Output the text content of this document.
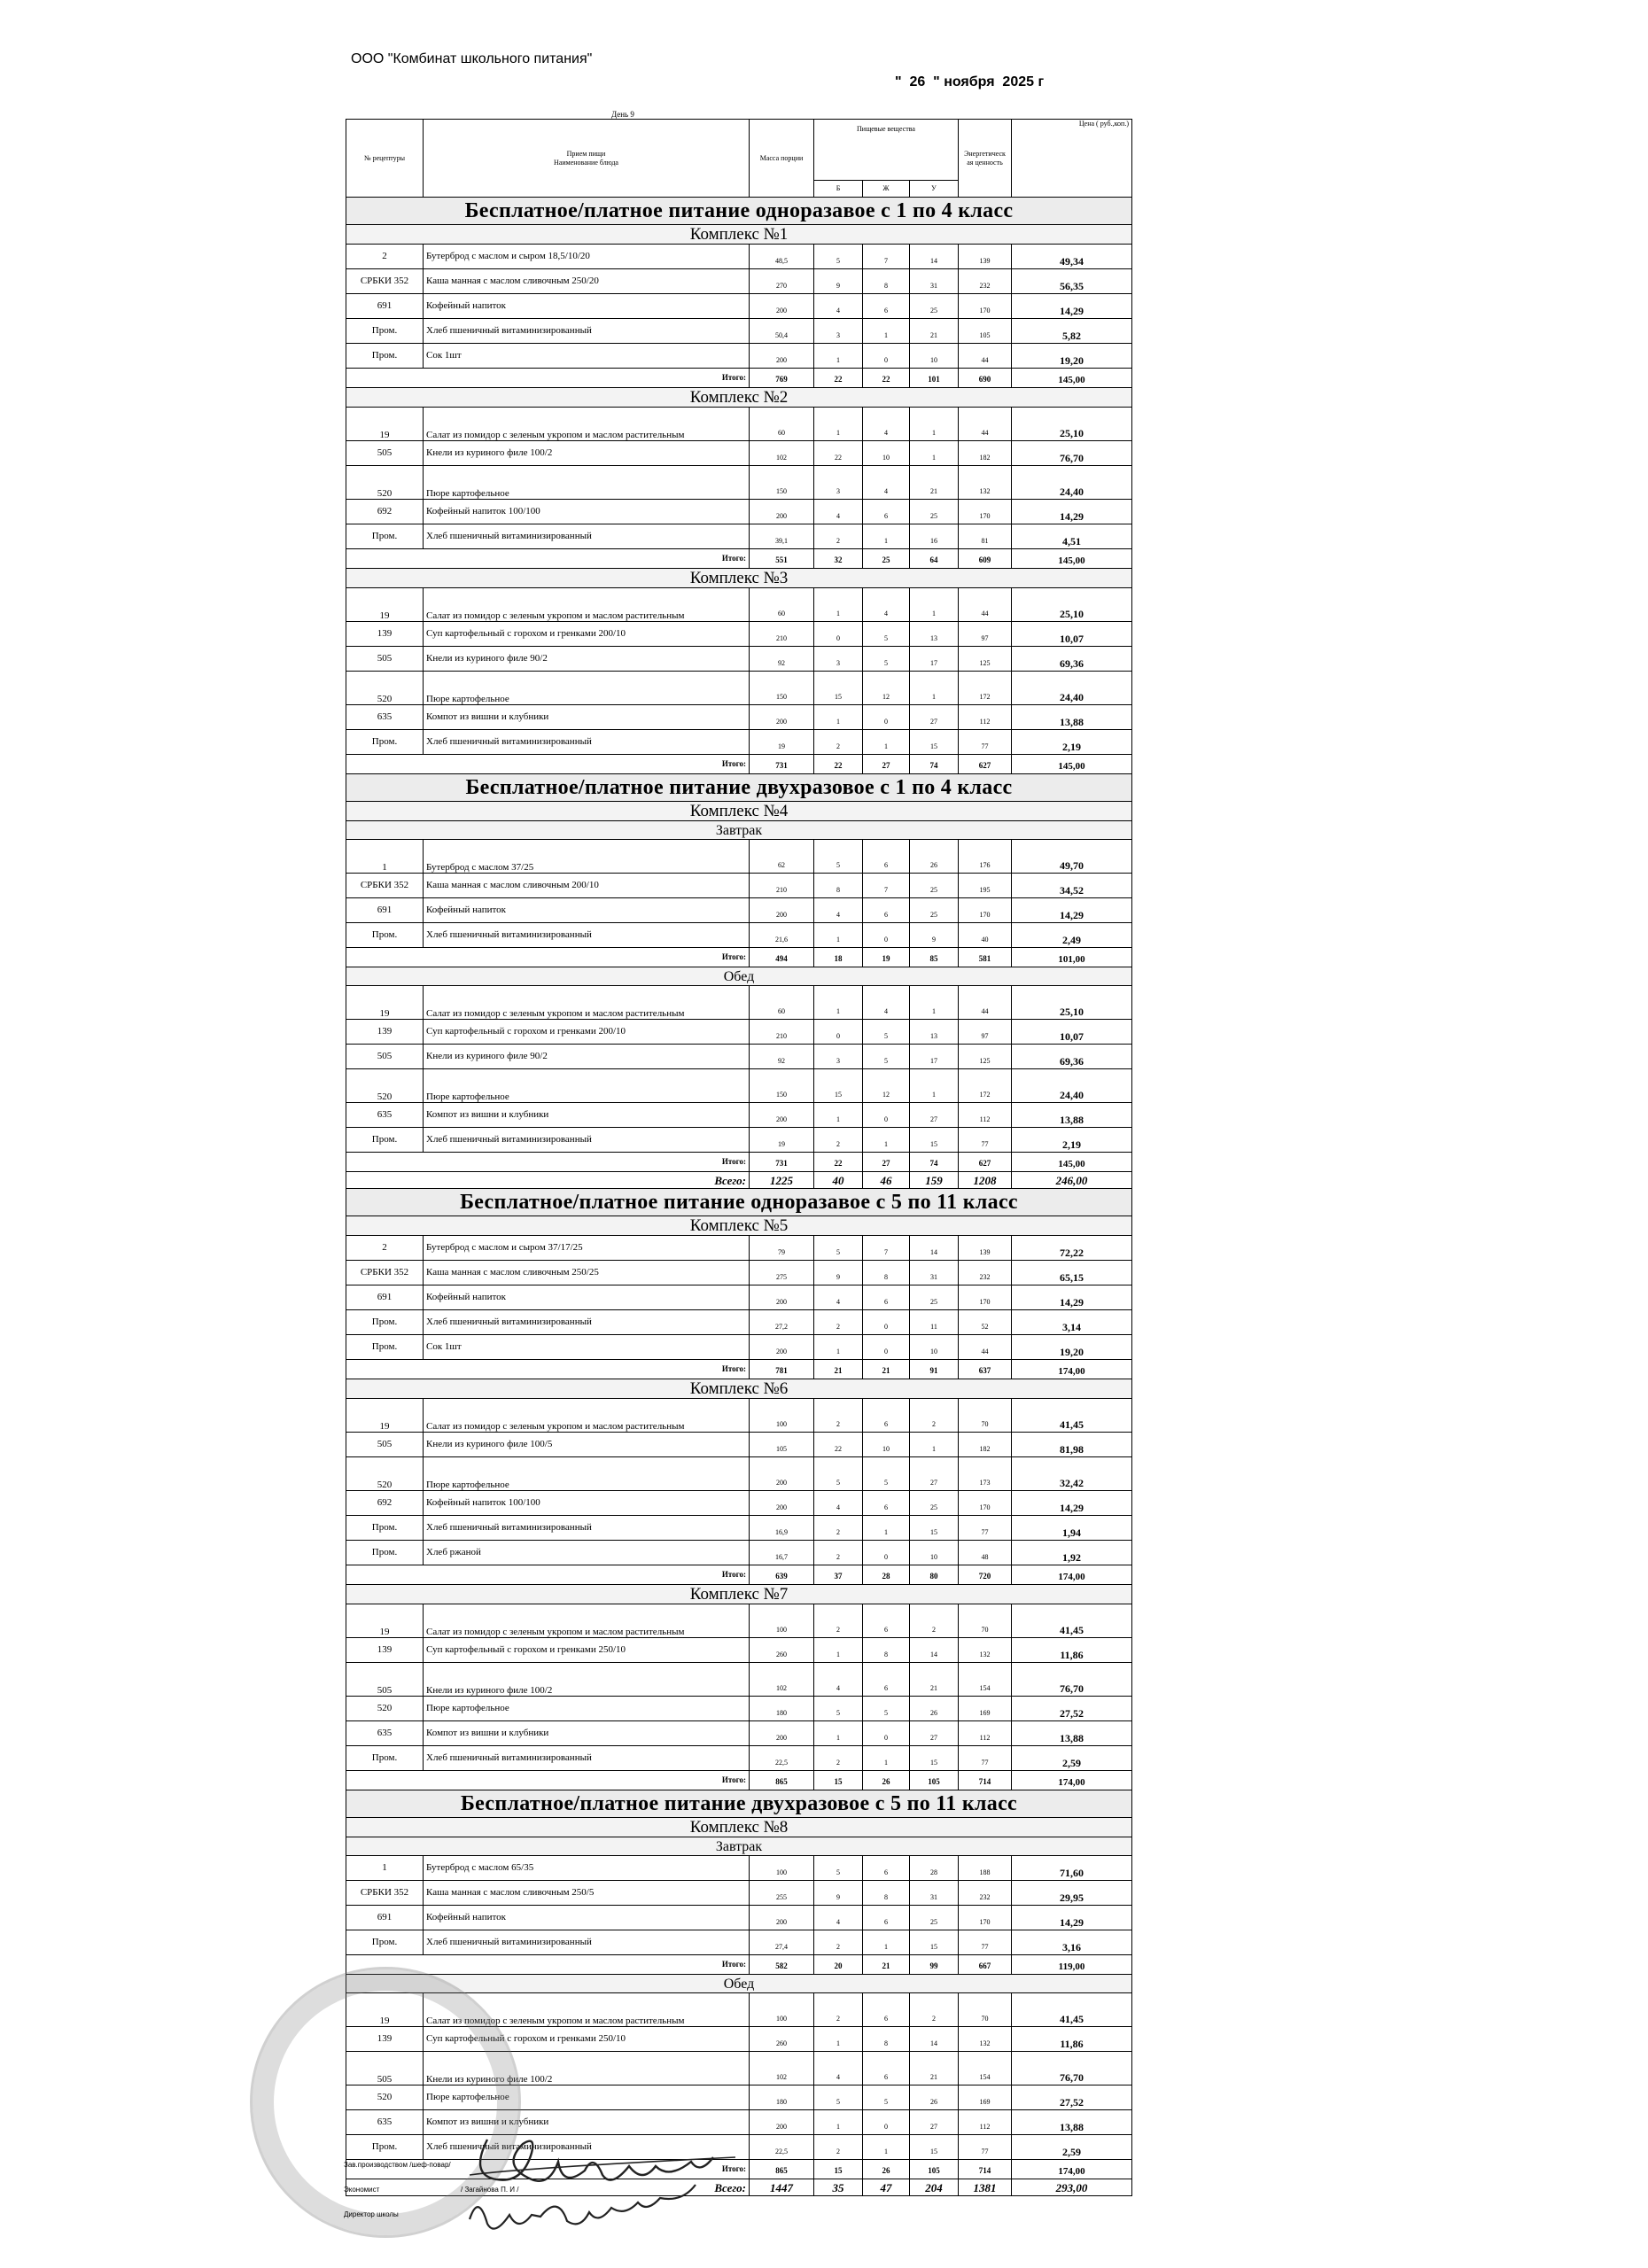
ООО "Комбинат школьного питания"
"  26  " ноября  2025 г
День 9
№ рецептуры	Прием пищи
Наименование блюда	Масса порции	Пищевые вещества			Энергетическ ая ценность	Цена ( руб.,коп.)
			Б	Ж	У		
Бесплатное/платное питание одноразавое с 1 по 4 класс							
Комплекс №1							
2	Бутерброд с маслом и сыром 18,5/10/20	48,5	5	7	14	139	49,34
СРБКИ 352	Каша манная с маслом сливочным 250/20	270	9	8	31	232	56,35
691	Кофейный напиток	200	4	6	25	170	14,29
Пром.	Хлеб пшеничный витаминизированный	50,4	3	1	21	105	5,82
Пром.	Сок 1шт	200	1	0	10	44	19,20
Итого:		769	22	22	101	690	145,00
Комплекс №2							
19	Салат из помидор с зеленым укропом и маслом растительным	60	1	4	1	44	25,10
505	Кнели из куриного филе 100/2	102	22	10	1	182	76,70
520	Пюре картофельное	150	3	4	21	132	24,40
692	Кофейный напиток 100/100	200	4	6	25	170	14,29
Пром.	Хлеб пшеничный витаминизированный	39,1	2	1	16	81	4,51
Итого:		551	32	25	64	609	145,00
Комплекс №3							
19	Салат из помидор с зеленым укропом и маслом растительным	60	1	4	1	44	25,10
139	Суп картофельный с горохом и гренками 200/10	210	0	5	13	97	10,07
505	Кнели из куриного филе 90/2	92	3	5	17	125	69,36
520	Пюре картофельное	150	15	12	1	172	24,40
635	Компот из вишни и клубники	200	1	0	27	112	13,88
Пром.	Хлеб пшеничный витаминизированный	19	2	1	15	77	2,19
Итого:		731	22	27	74	627	145,00
Бесплатное/платное питание двухразовое с 1 по 4 класс							
Комплекс №4							
Завтрак							
1	Бутерброд с маслом 37/25	62	5	6	26	176	49,70
СРБКИ 352	Каша манная с маслом сливочным 200/10	210	8	7	25	195	34,52
691	Кофейный напиток	200	4	6	25	170	14,29
Пром.	Хлеб пшеничный витаминизированный	21,6	1	0	9	40	2,49
Итого:		494	18	19	85	581	101,00
Обед							
19	Салат из помидор с зеленым укропом и маслом растительным	60	1	4	1	44	25,10
139	Суп картофельный с горохом и гренками 200/10	210	0	5	13	97	10,07
505	Кнели из куриного филе 90/2	92	3	5	17	125	69,36
520	Пюре картофельное	150	15	12	1	172	24,40
635	Компот из вишни и клубники	200	1	0	27	112	13,88
Пром.	Хлеб пшеничный витаминизированный	19	2	1	15	77	2,19
Итого:		731	22	27	74	627	145,00
Всего:		1225	40	46	159	1208	246,00
Бесплатное/платное питание одноразавое с 5 по 11 класс							
Комплекс №5							
2	Бутерброд с маслом и сыром 37/17/25	79	5	7	14	139	72,22
СРБКИ 352	Каша манная с маслом сливочным 250/25	275	9	8	31	232	65,15
691	Кофейный напиток	200	4	6	25	170	14,29
Пром.	Хлеб пшеничный витаминизированный	27,2	2	0	11	52	3,14
Пром.	Сок 1шт	200	1	0	10	44	19,20
Итого:		781	21	21	91	637	174,00
Комплекс №6							
19	Салат из помидор с зеленым укропом и маслом растительным	100	2	6	2	70	41,45
505	Кнели из куриного филе 100/5	105	22	10	1	182	81,98
520	Пюре картофельное	200	5	5	27	173	32,42
692	Кофейный напиток 100/100	200	4	6	25	170	14,29
Пром.	Хлеб пшеничный витаминизированный	16,9	2	1	15	77	1,94
Пром.	Хлеб ржаной	16,7	2	0	10	48	1,92
Итого:		639	37	28	80	720	174,00
Комплекс №7							
19	Салат из помидор с зеленым укропом и маслом растительным	100	2	6	2	70	41,45
139	Суп картофельный с горохом и гренками 250/10	260	1	8	14	132	11,86
505	Кнели из куриного филе 100/2	102	4	6	21	154	76,70
520	Пюре картофельное	180	5	5	26	169	27,52
635	Компот из вишни и клубники	200	1	0	27	112	13,88
Пром.	Хлеб пшеничный витаминизированный	22,5	2	1	15	77	2,59
Итого:		865	15	26	105	714	174,00
Бесплатное/платное питание двухразовое с 5 по 11 класс							
Комплекс №8							
Завтрак							
1	Бутерброд с маслом 65/35	100	5	6	28	188	71,60
СРБКИ 352	Каша манная с маслом сливочным 250/5	255	9	8	31	232	29,95
691	Кофейный напиток	200	4	6	25	170	14,29
Пром.	Хлеб пшеничный витаминизированный	27,4	2	1	15	77	3,16
Итого:		582	20	21	99	667	119,00
Обед							
19	Салат из помидор с зеленым укропом и маслом растительным	100	2	6	2	70	41,45
139	Суп картофельный с горохом и гренками 250/10	260	1	8	14	132	11,86
505	Кнели из куриного филе 100/2	102	4	6	21	154	76,70
520	Пюре картофельное	180	5	5	26	169	27,52
635	Компот из вишни и клубники	200	1	0	27	112	13,88
Пром.	Хлеб пшеничный витаминизированный	22,5	2	1	15	77	2,59
Итого:		865	15	26	105	714	174,00
Всего:		1447	35	47	204	1381	293,00
Зав.производством /шеф-повар/
Экономист	/ Загайнова П. И /
Директор школы
